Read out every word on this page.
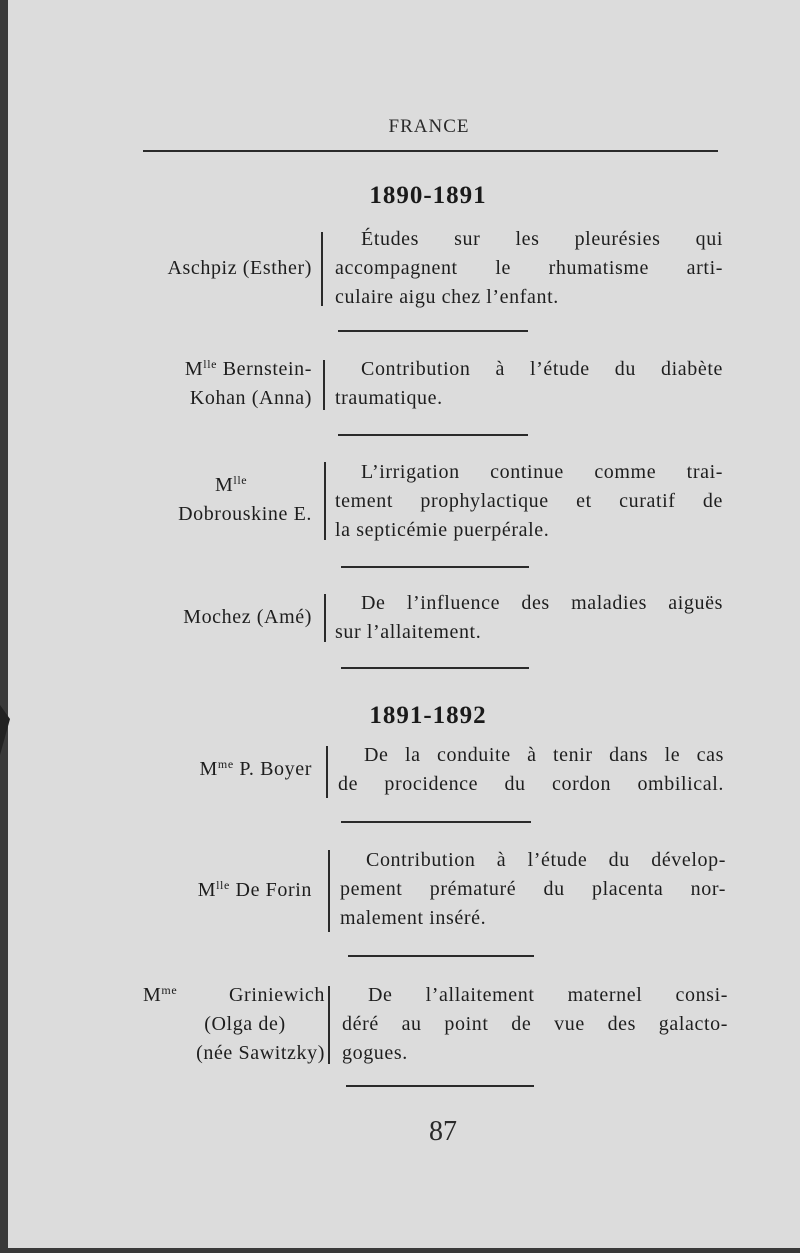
FRANCE
1890-1891
Aschpiz (Esther)
Études sur les pleurésies qui
accompagnent le rhumatisme arti-
culaire aigu chez l’enfant.
$M^{lle}$ Bernstein-
Kohan (Anna)
Contribution à l’étude du diabète
traumatique.
$M^{lle}$
Dobrouskine E.
L’irrigation continue comme trai-
tement prophylactique et curatif de
la septicémie puerpérale.
Mochez (Amé)
De l’influence des maladies aiguës
sur l’allaitement.
1891-1892
$M^{me}$ P. Boyer
De la conduite à tenir dans le cas
de procidence du cordon ombilical.
$M^{lle}$ De Forin
Contribution à l’étude du dévelop-
pement prématuré du placenta nor-
malement inséré.
$M^{me}$	Griniewich
(Olga de)
(née Sawitzky)
De l’allaitement maternel consi-
déré au point de vue des galacto-
gogues.
87
